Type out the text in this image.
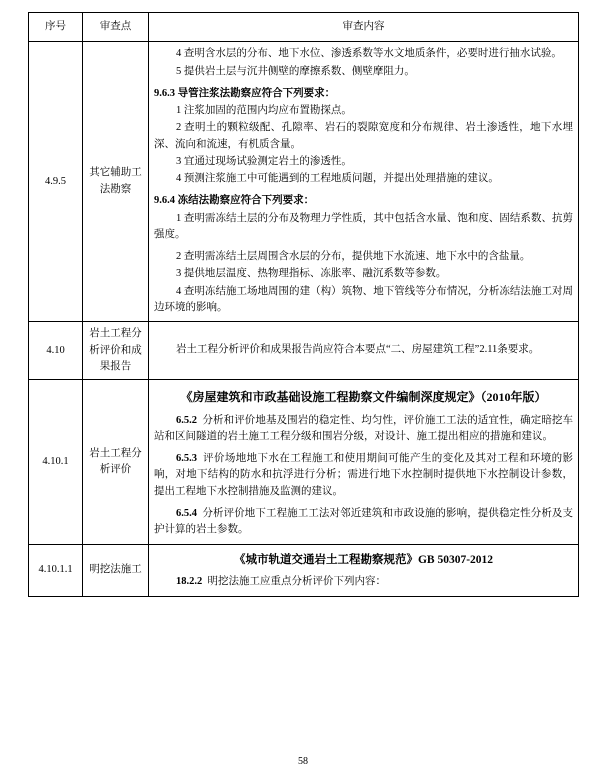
序号	审查点	审查内容
4.9.5	其它辅助工法勘察	

4 查明含水层的分布、地下水位、渗透系数等水文地质条件，必要时进行抽水试验。

5 提供岩土层与沉井侧壁的摩擦系数、侧壁摩阻力。

9.6.3 导管注浆法勘察应符合下列要求：

1 注浆加固的范围内均应布置勘探点。

2 查明土的颗粒级配、孔隙率、岩石的裂隙宽度和分布规律、岩土渗透性，地下水埋深、流向和流速，有机质含量。

3 宜通过现场试验测定岩土的渗透性。

4 预测注浆施工中可能遇到的工程地质问题，并提出处理措施的建议。

9.6.4 冻结法勘察应符合下列要求：

1 查明需冻结土层的分布及物理力学性质，其中包括含水量、饱和度、固结系数、抗剪强度。

2 查明需冻结土层周围含水层的分布，提供地下水流速、地下水中的含盐量。

3 提供地层温度、热物理指标、冻胀率、融沉系数等参数。

4 查明冻结施工场地周围的建（构）筑物、地下管线等分布情况，分析冻结法施工对周边环境的影响。

4.10	岩土工程分析评价和成果报告	岩土工程分析评价和成果报告尚应符合本要点“二、房屋建筑工程”2.11条要求。

4.10.1	岩土工程分析评价	《房屋建筑和市政基础设施工程勘察文件编制深度规定》（2010年版）

6.5.2 分析和评价地基及围岩的稳定性、均匀性，评价施工工法的适宜性，确定暗挖车站和区间隧道的岩土施工工程分级和围岩分级，对设计、施工提出相应的措施和建议。

6.5.3 评价场地地下水在工程施工和使用期间可能产生的变化及其对工程和环境的影响，对地下结构的防水和抗浮进行分析；需进行地下水控制时提供地下水控制设计参数，提出工程地下水控制措施及监测的建议。

6.5.4 分析评价地下工程施工工法对邻近建筑和市政设施的影响，提供稳定性分析及支护计算的岩土参数。

4.10.1.1	明挖法施工	《城市轨道交通岩土工程勘察规范》GB 50307-2012

18.2.2 明挖法施工应重点分析评价下列内容：

58
